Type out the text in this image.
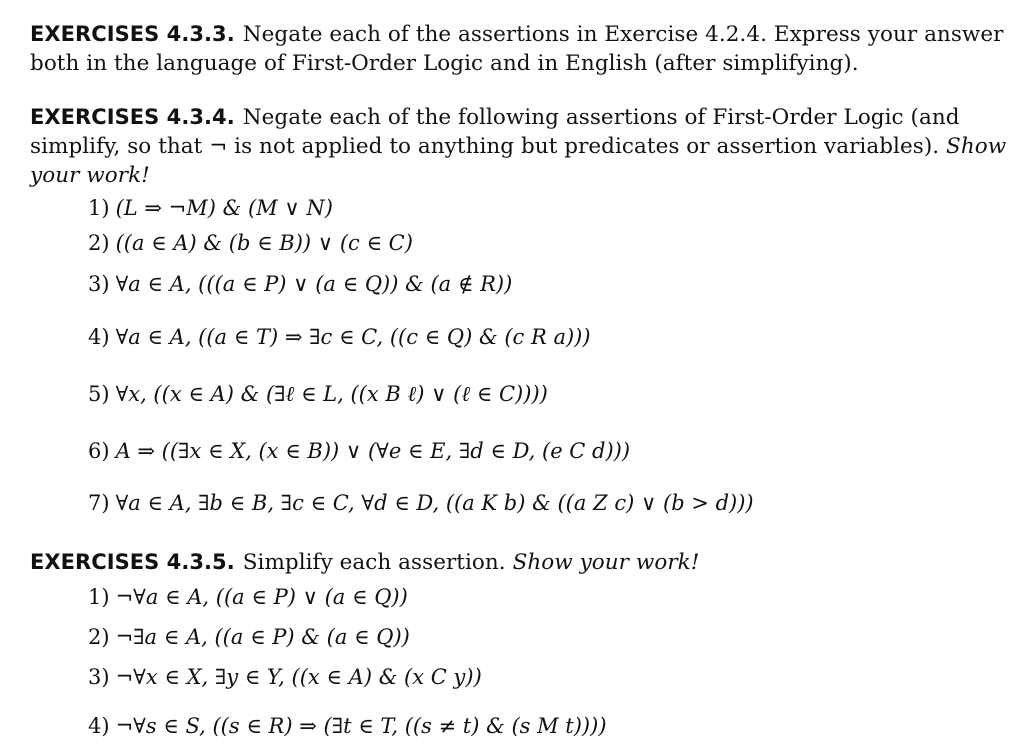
EXERCISES 4.3.3. Negate each of the assertions in Exercise 4.2.4. Express your answer both in the language of First-Order Logic and in English (after simplifying).

EXERCISES 4.3.4. Negate each of the following assertions of First-Order Logic (and simplify, so that ¬ is not applied to anything but predicates or assertion variables). Show your work!

1) (L ⇒ ¬M) & (M ∨ N)
2) ((a ∈ A) & (b ∈ B)) ∨ (c ∈ C)
3) ∀a ∈ A, (((a ∈ P) ∨ (a ∈ Q)) & (a ∉ R))
4) ∀a ∈ A, ((a ∈ T) ⇒ ∃c ∈ C, ((c ∈ Q) & (c R a)))
5) ∀x, ((x ∈ A) & (∃ℓ ∈ L, ((x B ℓ) ∨ (ℓ ∈ C))))
6) A ⇒ ((∃x ∈ X, (x ∈ B)) ∨ (∀e ∈ E, ∃d ∈ D, (e C d)))
7) ∀a ∈ A, ∃b ∈ B, ∃c ∈ C, ∀d ∈ D, ((a K b) & ((a Z c) ∨ (b > d)))

EXERCISES 4.3.5. Simplify each assertion. Show your work!

1) ¬∀a ∈ A, ((a ∈ P) ∨ (a ∈ Q))
2) ¬∃a ∈ A, ((a ∈ P) & (a ∈ Q))
3) ¬∀x ∈ X, ∃y ∈ Y, ((x ∈ A) & (x C y))
4) ¬∀s ∈ S, ((s ∈ R) ⇒ (∃t ∈ T, ((s ≠ t) & (s M t))))
